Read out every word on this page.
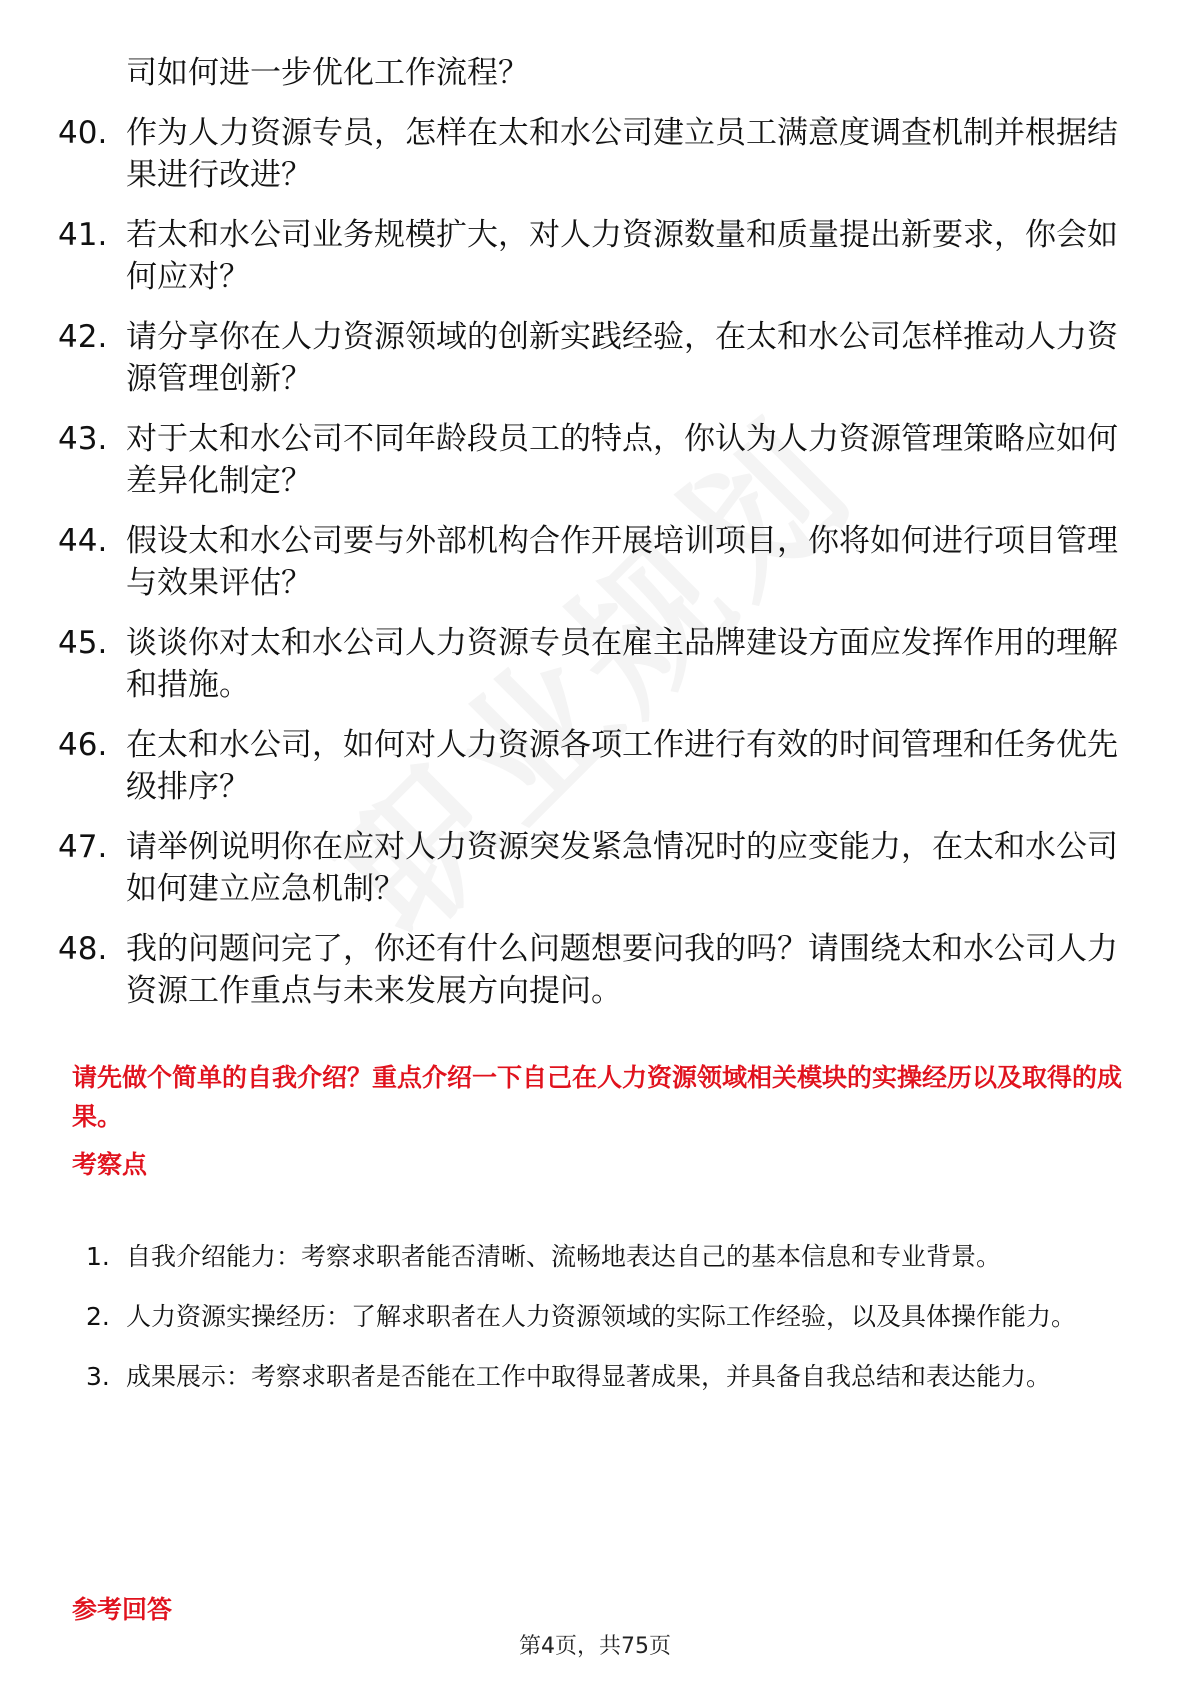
司如何进一步优化工作流程？
40. 作为人力资源专员，怎样在太和水公司建立员工满意度调查机制并根据结果进行改进？
41. 若太和水公司业务规模扩大，对人力资源数量和质量提出新要求，你会如何应对？
42. 请分享你在人力资源领域的创新实践经验，在太和水公司怎样推动人力资源管理创新？
43. 对于太和水公司不同年龄段员工的特点，你认为人力资源管理策略应如何差异化制定？
44. 假设太和水公司要与外部机构合作开展培训项目，你将如何进行项目管理与效果评估？
45. 谈谈你对太和水公司人力资源专员在雇主品牌建设方面应发挥作用的理解和措施。
46. 在太和水公司，如何对人力资源各项工作进行有效的时间管理和任务优先级排序？
47. 请举例说明你在应对人力资源突发紧急情况时的应变能力，在太和水公司如何建立应急机制？
48. 我的问题问完了，你还有什么问题想要问我的吗？请围绕太和水公司人力资源工作重点与未来发展方向提问。
请先做个简单的自我介绍？重点介绍一下自己在人力资源领域相关模块的实操经历以及取得的成果。
考察点
1. 自我介绍能力：考察求职者能否清晰、流畅地表达自己的基本信息和专业背景。
2. 人力资源实操经历：了解求职者在人力资源领域的实际工作经验，以及具体操作能力。
3. 成果展示：考察求职者是否能在工作中取得显著成果，并具备自我总结和表达能力。
参考回答
第4页，共75页
